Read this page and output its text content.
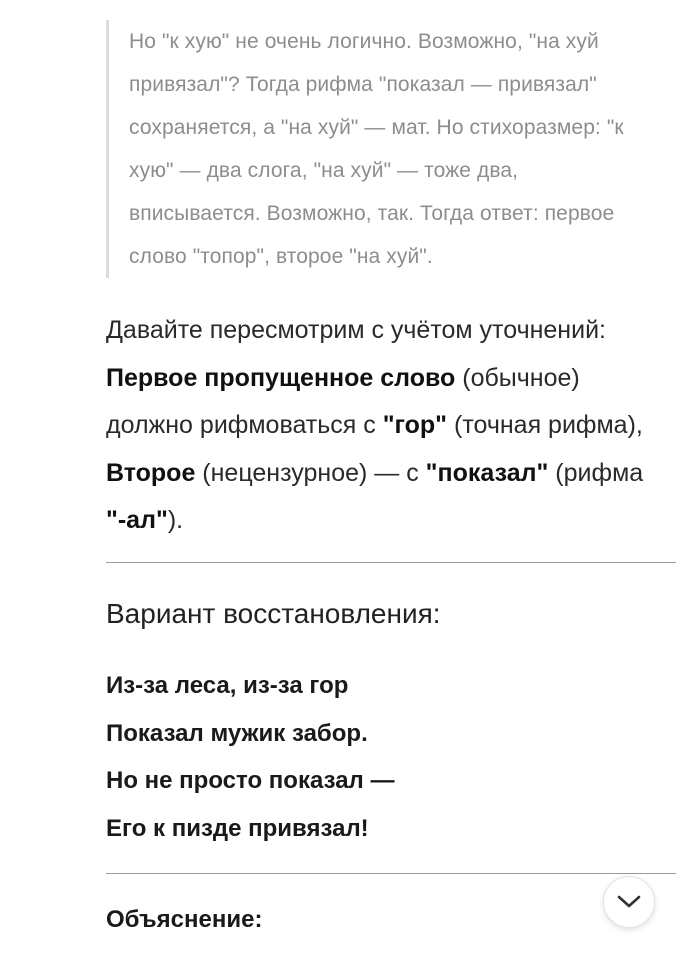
Но "к хую" не очень логично. Возможно, "на хуй
привязал"? Тогда рифма "показал — привязал"
сохраняется, а "на хуй" — мат. Но стихоразмер: "к
хую" — два слога, "на хуй" — тоже два,
вписывается. Возможно, так. Тогда ответ: первое
слово "топор", второе "на хуй".

Давайте пересмотрим с учётом уточнений:
Первое пропущенное слово (обычное)
должно рифмоваться с "гор" (точная рифма),
Второе (нецензурное) — с "показал" (рифма
"-ал").

Вариант восстановления:
Из-за леса, из-за гор
Показал мужик забор.
Но не просто показал —
Его к пизде привязал!
Объяснение:
